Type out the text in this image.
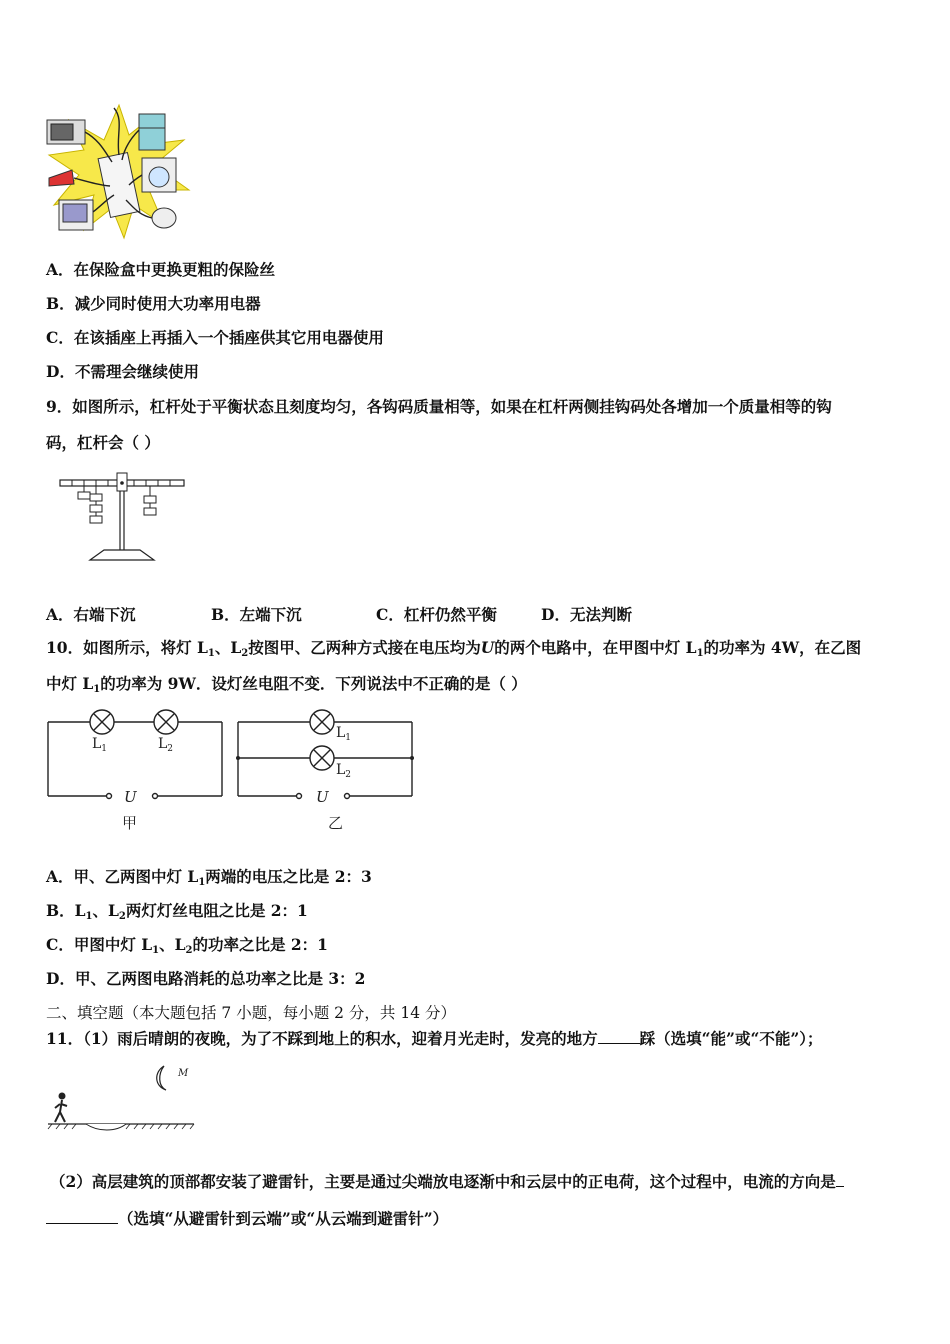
A．在保险盒中更换更粗的保险丝
B．减少同时使用大功率用电器
C．在该插座上再插入一个插座供其它用电器使用
D．不需理会继续使用
9．如图所示，杠杆处于平衡状态且刻度均匀，各钩码质量相等，如果在杠杆两侧挂钩码处各增加一个质量相等的钩
码，杠杆会（ ）
A．右端下沉	B．左端下沉	C．杠杆仍然平衡	D．无法判断
10．如图所示，将灯 $L_1$、$L_2$按图甲、乙两种方式接在电压均为U的两个电路中，在甲图中灯 $L_1$的功率为 4W，在乙图
中灯 $L_1$的功率为 9W．设灯丝电阻不变．下列说法中不正确的是（ ）
$L_1$	$L_2$
U
甲
$L_1$
$L_2$
U
乙
A．甲、乙两图中灯 $L_1$两端的电压之比是 2：3
B．$L_1$、$L_2$两灯灯丝电阻之比是 2：1
C．甲图中灯 $L_1$、$L_2$的功率之比是 2：1
D．甲、乙两图电路消耗的总功率之比是 3：2
二、填空题（本大题包括 7 小题，每小题 2 分，共 14 分）
11．（1）雨后晴朗的夜晚，为了不踩到地上的积水，迎着月光走时，发亮的地方	踩（选填“能”或“不能”）；
M
（2）高层建筑的顶部都安装了避雷针，主要是通过尖端放电逐渐中和云层中的正电荷，这个过程中，电流的方向是
（选填“从避雷针到云端”或“从云端到避雷针”）
